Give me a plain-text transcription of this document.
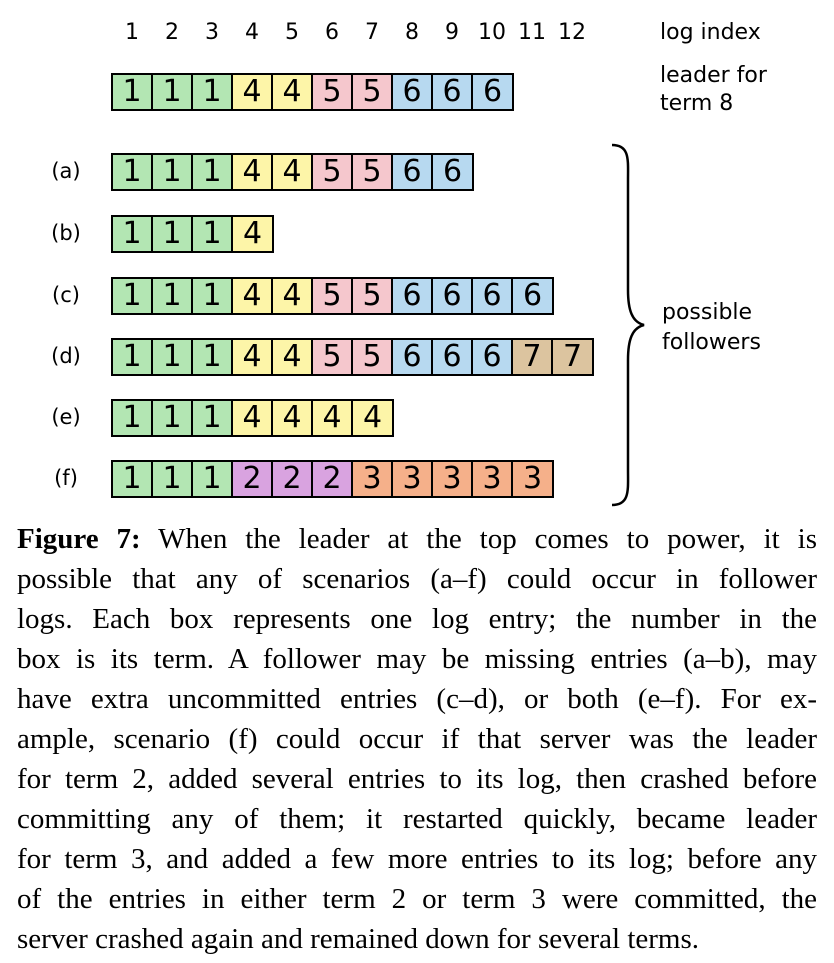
1	2	3	4	5	6	7	8	9 10 11 12	log index
leader for
term 8
1 1 1 4 4 5 5 6 6 6
(a)	1 1 1 4 4 5 5 6 6
(b)	1 1 1 4
(c)	1 1 1 4 4 5 5 6 6 6 6
(d)	1 1 1 4 4 5 5 6 6 6 7 7
(e)	1 1 1 4 4 4 4
(f)	1 1 1 2 2 2 3 3 3 3 3
possible
followers

Figure 7: When the leader at the top comes to power, it is
possible that any of scenarios (a–f) could occur in follower
logs. Each box represents one log entry; the number in the
box is its term. A follower may be missing entries (a–b), may
have extra uncommitted entries (c–d), or both (e–f). For ex-
ample, scenario (f) could occur if that server was the leader
for term 2, added several entries to its log, then crashed before
committing any of them; it restarted quickly, became leader
for term 3, and added a few more entries to its log; before any
of the entries in either term 2 or term 3 were committed, the
server crashed again and remained down for several terms.
